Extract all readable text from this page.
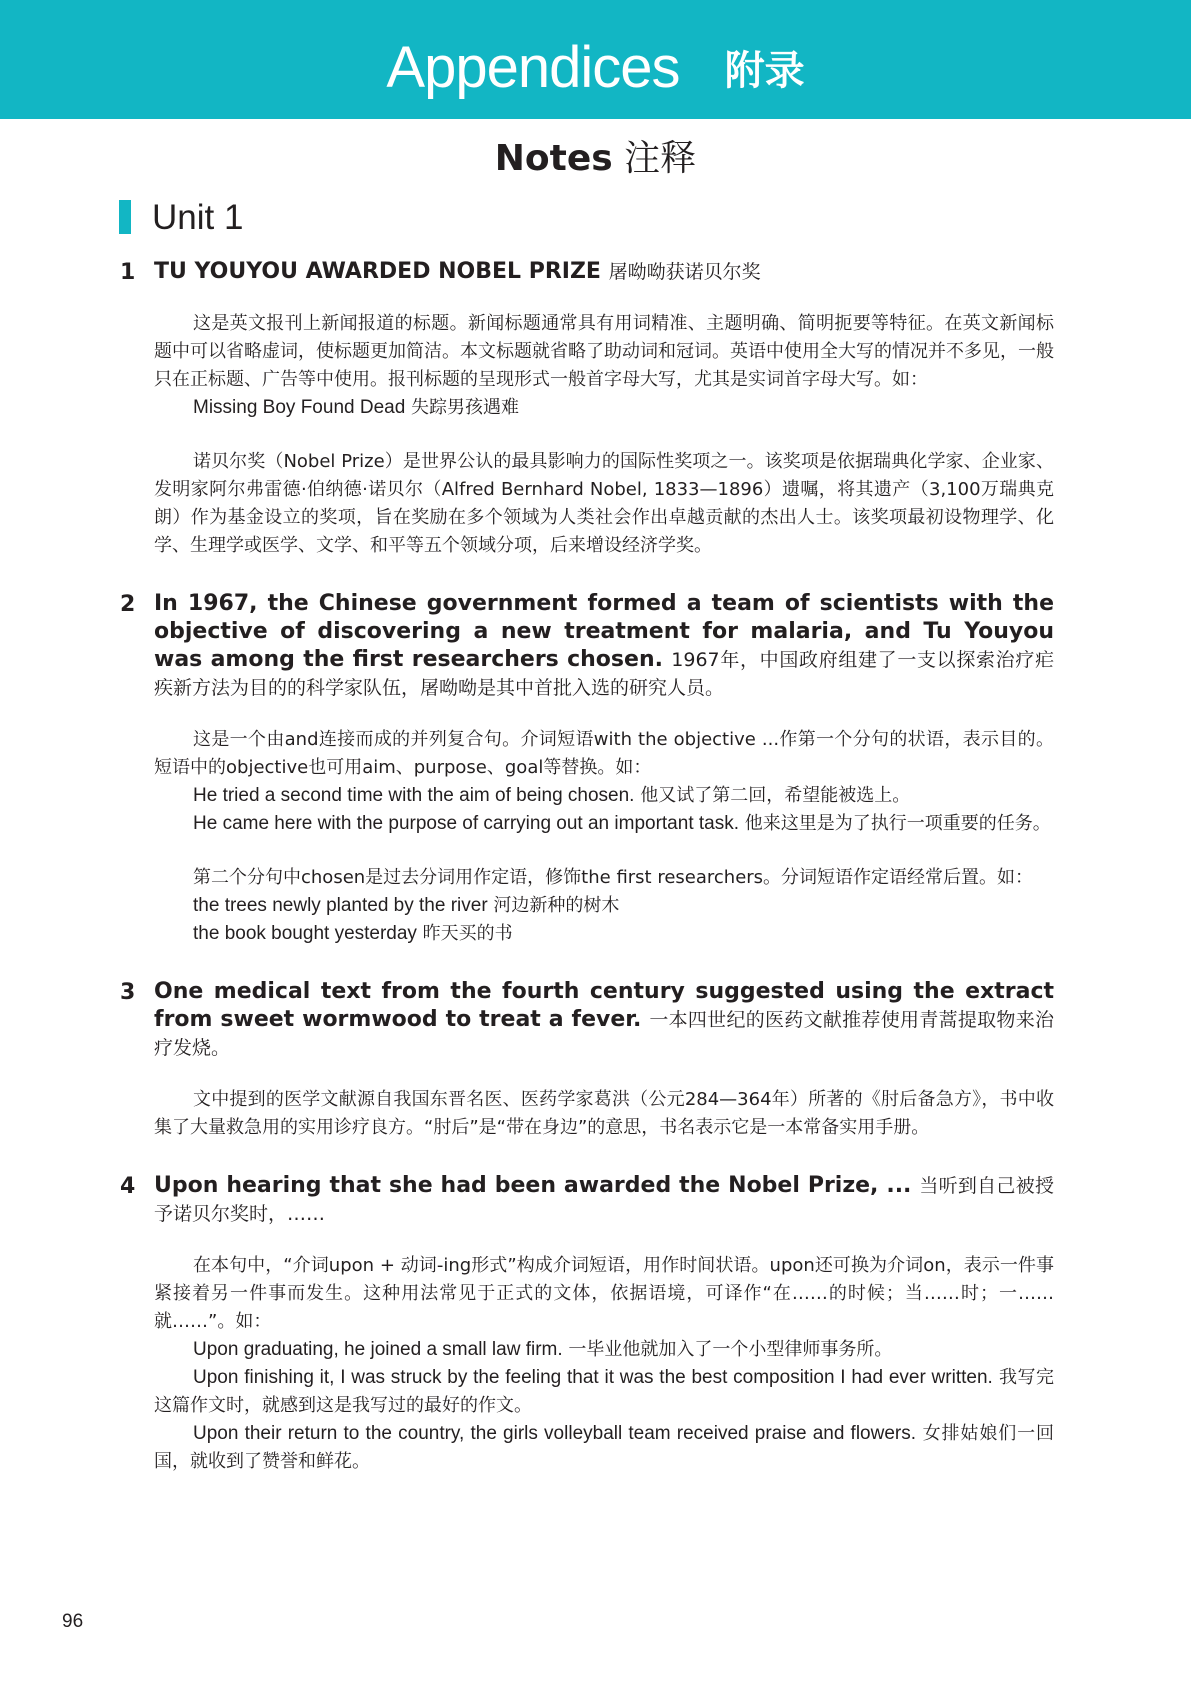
Appendices 附录
Notes 注释
Unit 1
1 TU YOUYOU AWARDED NOBEL PRIZE 屠呦呦获诺贝尔奖

这是英文报刊上新闻报道的标题。新闻标题通常具有用词精准、主题明确、简明扼要等特征。在英文新闻标题中可以省略虚词，使标题更加简洁。本文标题就省略了助动词和冠词。英语中使用全大写的情况并不多见，一般只在正标题、广告等中使用。报刊标题的呈现形式一般首字母大写，尤其是实词首字母大写。如：

Missing Boy Found Dead 失踪男孩遇难

诺贝尔奖（Nobel Prize）是世界公认的最具影响力的国际性奖项之一。该奖项是依据瑞典化学家、企业家、发明家阿尔弗雷德·伯纳德·诺贝尔（Alfred Bernhard Nobel, 1833—1896）遗嘱，将其遗产（3,100万瑞典克朗）作为基金设立的奖项，旨在奖励在多个领域为人类社会作出卓越贡献的杰出人士。该奖项最初设物理学、化学、生理学或医学、文学、和平等五个领域分项，后来增设经济学奖。

2 In 1967, the Chinese government formed a team of scientists with the objective of discovering a new treatment for malaria, and Tu Youyou was among the first researchers chosen. 1967年，中国政府组建了一支以探索治疗疟疾新方法为目的的科学家队伍，屠呦呦是其中首批入选的研究人员。

这是一个由and连接而成的并列复合句。介词短语with the objective ...作第一个分句的状语，表示目的。短语中的objective也可用aim、purpose、goal等替换。如：

He tried a second time with the aim of being chosen. 他又试了第二回，希望能被选上。

He came here with the purpose of carrying out an important task. 他来这里是为了执行一项重要的任务。

第二个分句中chosen是过去分词用作定语，修饰the first researchers。分词短语作定语经常后置。如：

the trees newly planted by the river 河边新种的树木

the book bought yesterday 昨天买的书

3 One medical text from the fourth century suggested using the extract from sweet wormwood to treat a fever. 一本四世纪的医药文献推荐使用青蒿提取物来治疗发烧。

文中提到的医学文献源自我国东晋名医、医药学家葛洪（公元284—364年）所著的《肘后备急方》，书中收集了大量救急用的实用诊疗良方。“肘后”是“带在身边”的意思，书名表示它是一本常备实用手册。

4 Upon hearing that she had been awarded the Nobel Prize, ... 当听到自己被授予诺贝尔奖时，……

在本句中，“介词upon + 动词-ing形式”构成介词短语，用作时间状语。upon还可换为介词on，表示一件事紧接着另一件事而发生。这种用法常见于正式的文体，依据语境，可译作“在……的时候；当……时；一……就……”。如：

Upon graduating, he joined a small law firm. 一毕业他就加入了一个小型律师事务所。

Upon finishing it, I was struck by the feeling that it was the best composition I had ever written. 我写完这篇作文时，就感到这是我写过的最好的作文。

Upon their return to the country, the girls volleyball team received praise and flowers. 女排姑娘们一回国，就收到了赞誉和鲜花。

96
